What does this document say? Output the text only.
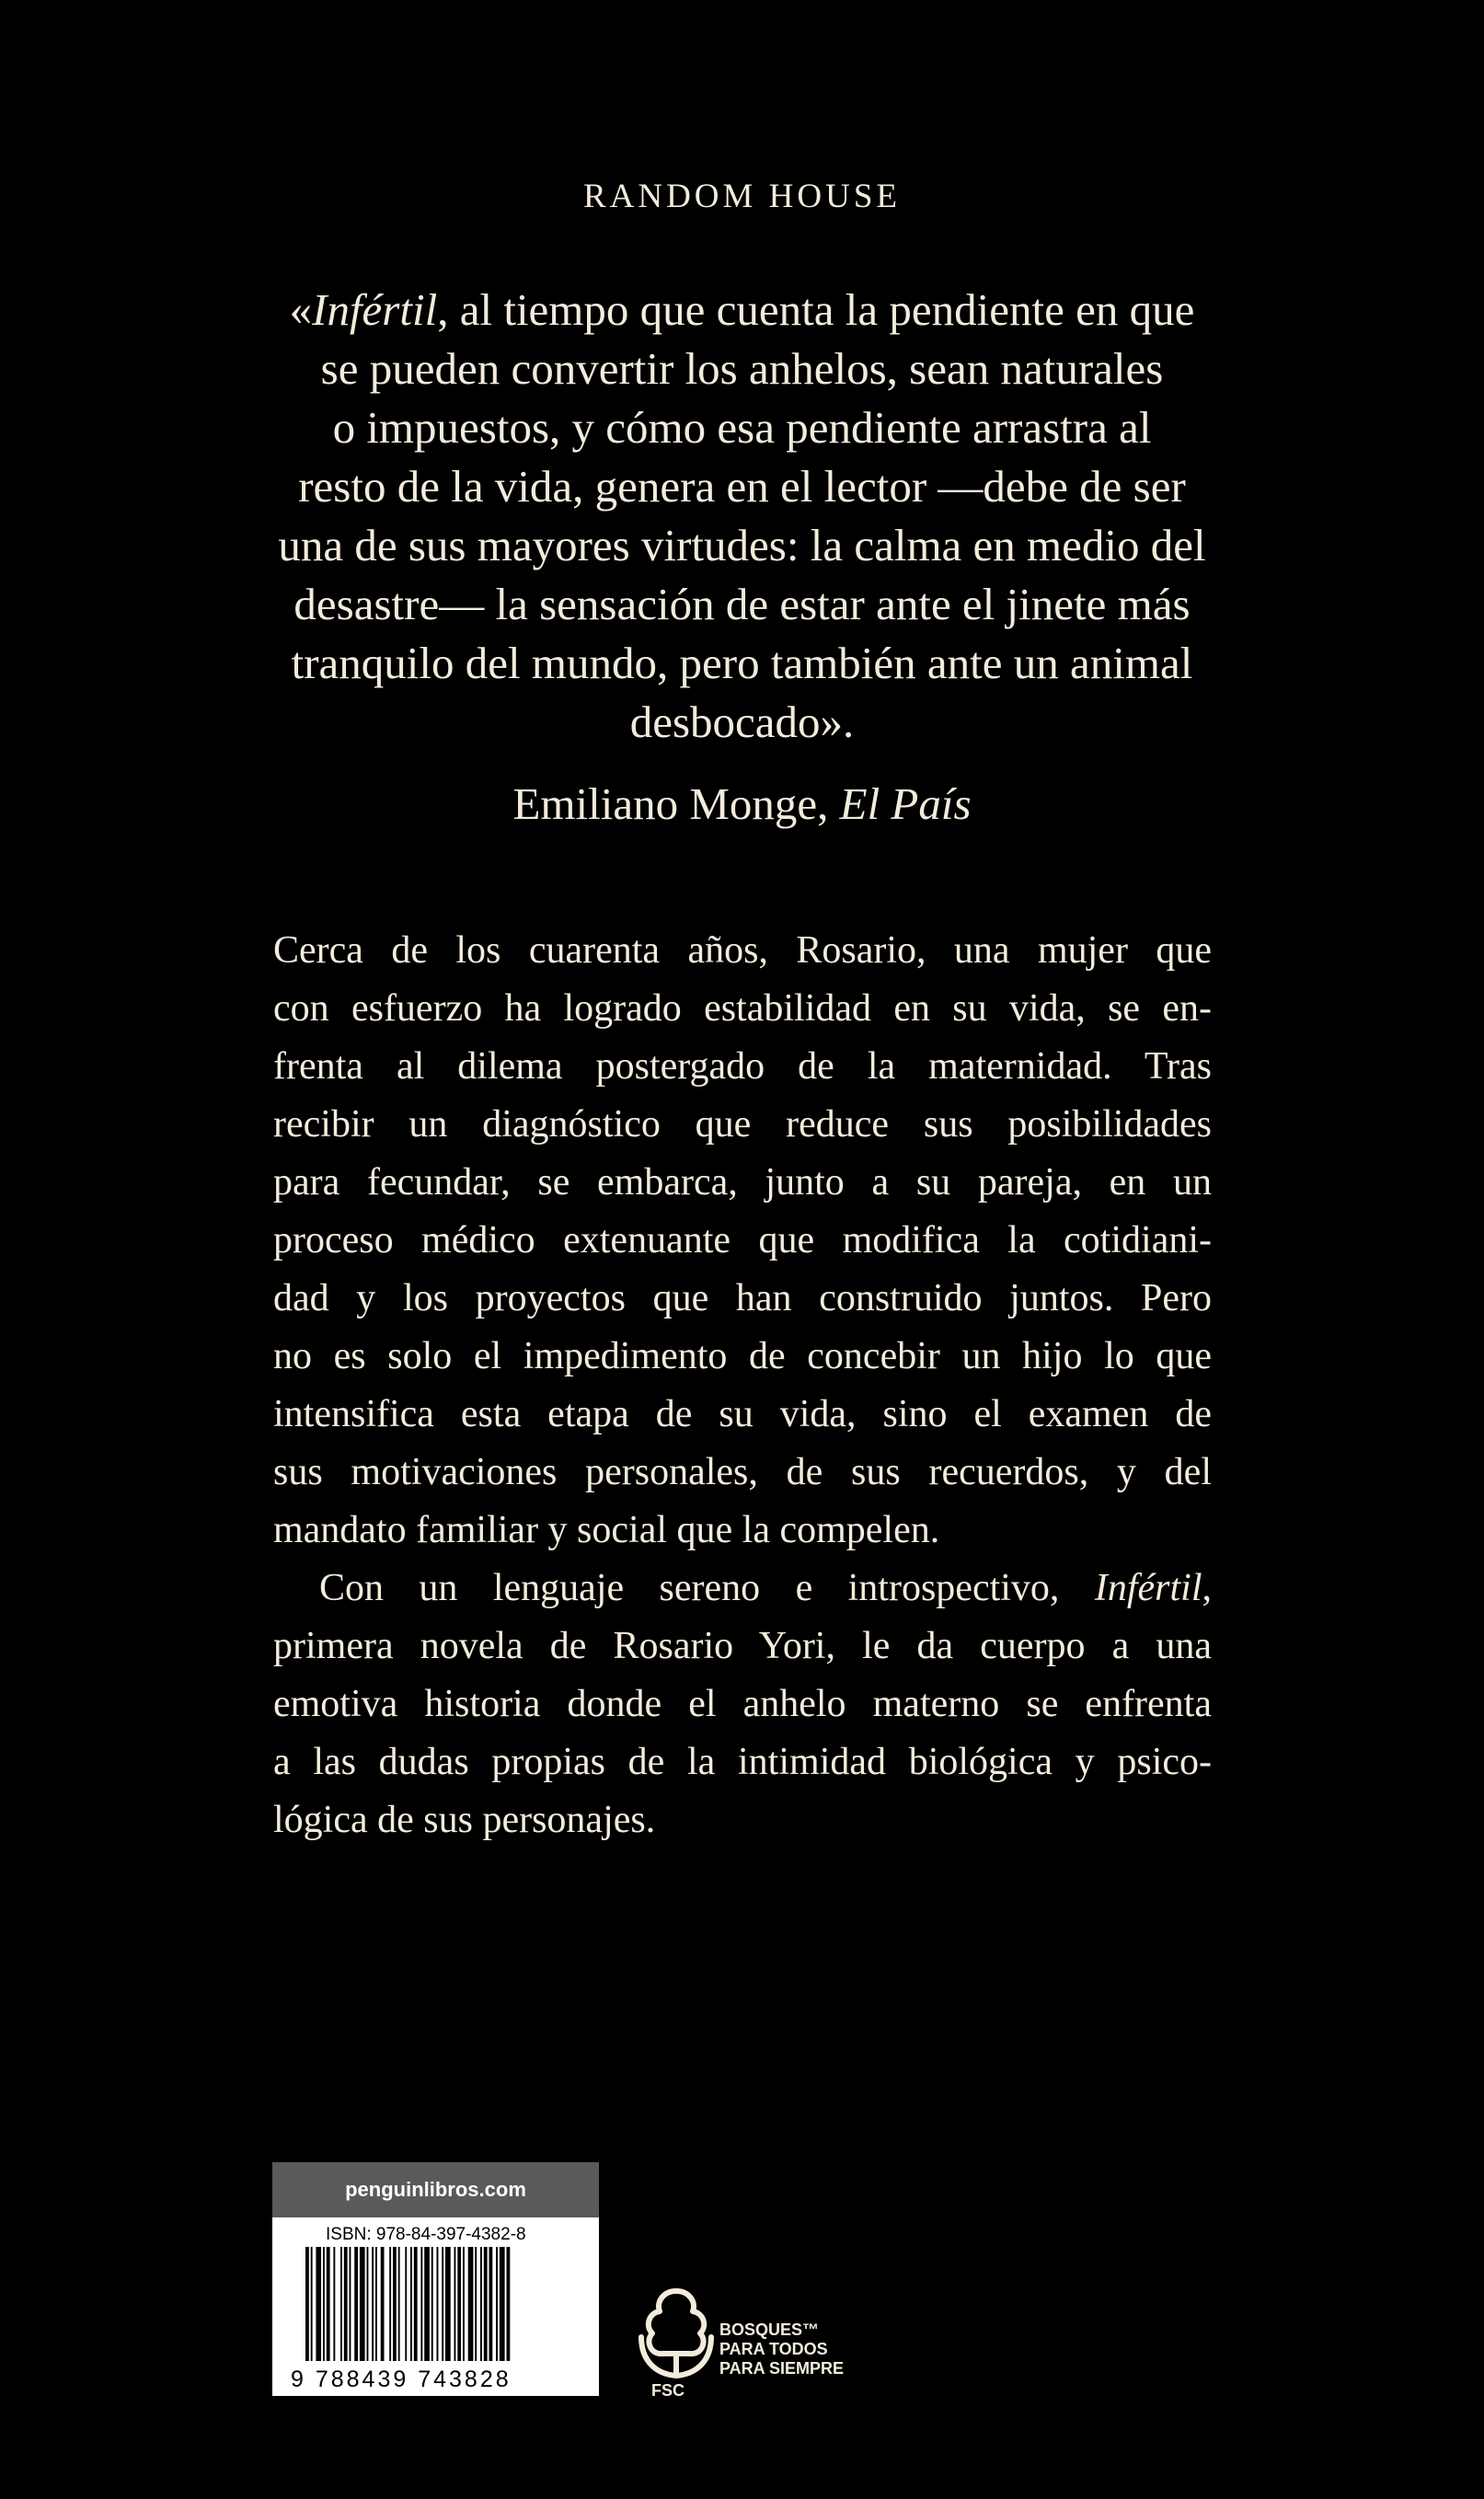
RANDOM HOUSE
«Infértil, al tiempo que cuenta la pendiente en que
se pueden convertir los anhelos, sean naturales
o impuestos, y cómo esa pendiente arrastra al
resto de la vida, genera en el lector —debe de ser
una de sus mayores virtudes: la calma en medio del
desastre— la sensación de estar ante el jinete más
tranquilo del mundo, pero también ante un animal
desbocado».
Emiliano Monge, El País
Cerca de los cuarenta años, Rosario, una mujer que
con esfuerzo ha logrado estabilidad en su vida, se en-
frenta al dilema postergado de la maternidad. Tras
recibir un diagnóstico que reduce sus posibilidades
para fecundar, se embarca, junto a su pareja, en un
proceso médico extenuante que modifica la cotidiani-
dad y los proyectos que han construido juntos. Pero
no es solo el impedimento de concebir un hijo lo que
intensifica esta etapa de su vida, sino el examen de
sus motivaciones personales, de sus recuerdos, y del
mandato familiar y social que la compelen.
Con un lenguaje sereno e introspectivo, Infértil,
primera novela de Rosario Yori, le da cuerpo a una
emotiva historia donde el anhelo materno se enfrenta
a las dudas propias de la intimidad biológica y psico-
lógica de sus personajes.
penguinlibros.com
ISBN: 978-84-397-4382-8
9 788439 743828	FSC
BOSQUES™
PARA TODOS
PARA SIEMPRE
